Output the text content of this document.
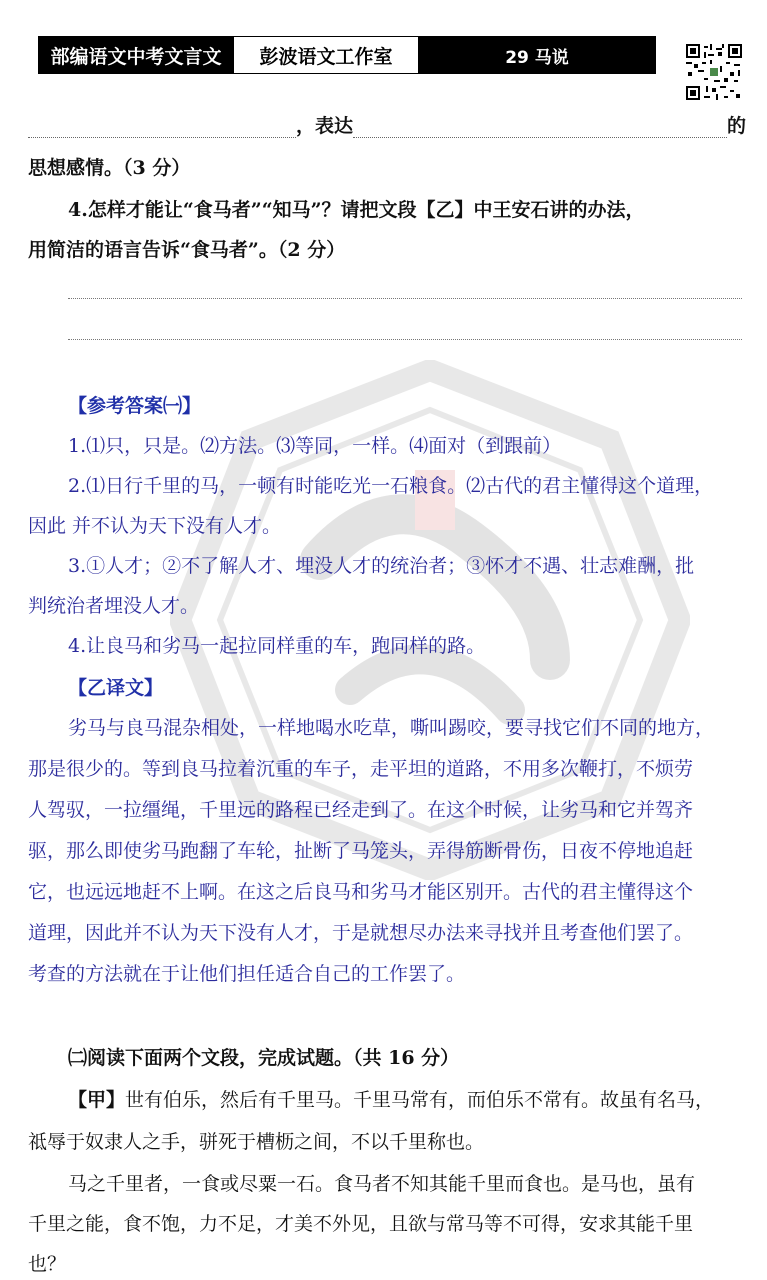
部编语文中考文言文	彭波语文工作室	29 马说
，表达	的
思想感情。（3 分）
4.怎样才能让“食马者”“知马”？请把文段【乙】中王安石讲的办法，
用简洁的语言告诉“食马者”。（2 分）
【参考答案㈠】
1.⑴只，只是。⑵方法。⑶等同，一样。⑷面对（到跟前）
2.⑴日行千里的马，一顿有时能吃光一石粮食。⑵古代的君主懂得这个道理，
因此 并不认为天下没有人才。
3.①人才；②不了解人才、埋没人才的统治者；③怀才不遇、壮志难酬，批
判统治者埋没人才。
4.让良马和劣马一起拉同样重的车，跑同样的路。
【乙译文】
劣马与良马混杂相处，一样地喝水吃草，嘶叫踢咬，要寻找它们不同的地方，
那是很少的。等到良马拉着沉重的车子，走平坦的道路，不用多次鞭打，不烦劳
人驾驭，一拉缰绳，千里远的路程已经走到了。在这个时候，让劣马和它并驾齐
驱，那么即使劣马跑翻了车轮，扯断了马笼头，弄得筋断骨伤，日夜不停地追赶
它，也远远地赶不上啊。在这之后良马和劣马才能区别开。古代的君主懂得这个
道理，因此并不认为天下没有人才，于是就想尽办法来寻找并且考查他们罢了。
考查的方法就在于让他们担任适合自己的工作罢了。
㈡阅读下面两个文段，完成试题。（共 16 分）
【甲】世有伯乐，然后有千里马。千里马常有，而伯乐不常有。故虽有名马，
祗辱于奴隶人之手，骈死于槽枥之间，不以千里称也。
马之千里者，一食或尽粟一石。食马者不知其能千里而食也。是马也，虽有
千里之能，食不饱，力不足，才美不外见，且欲与常马等不可得，安求其能千里
也？
